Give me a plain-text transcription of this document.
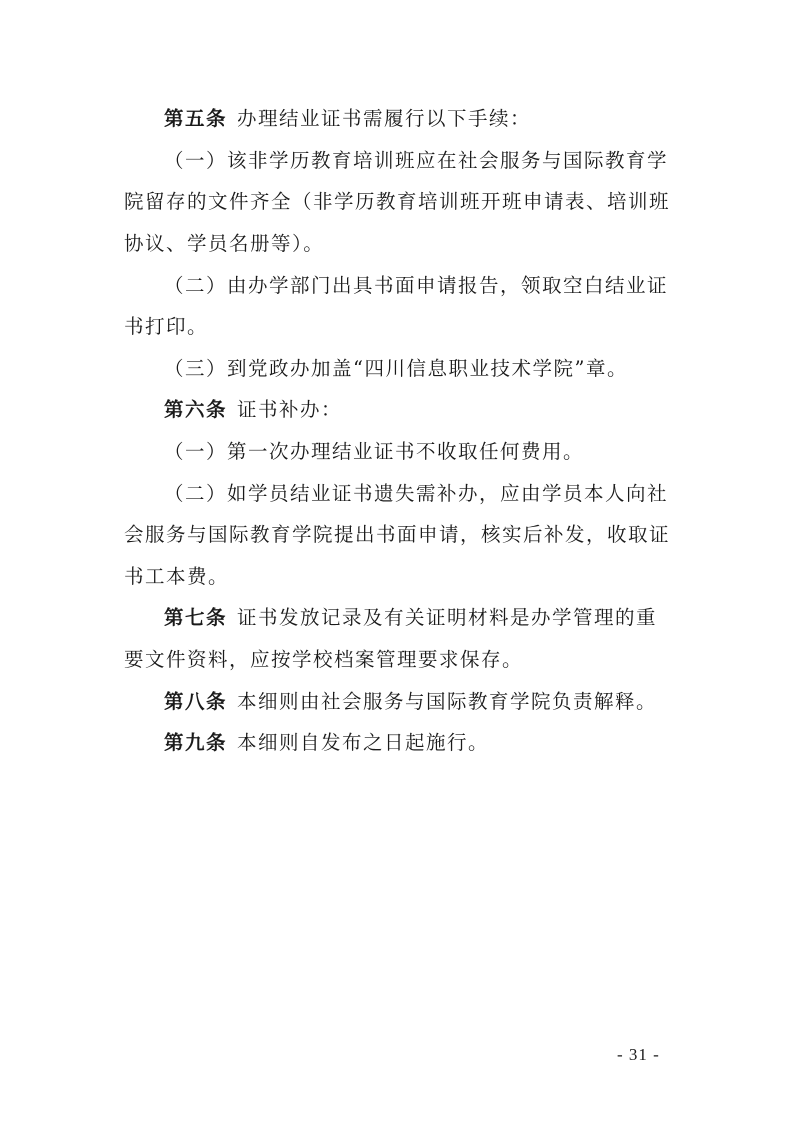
第五条 办理结业证书需履行以下手续：
（一）该非学历教育培训班应在社会服务与国际教育学
院留存的文件齐全（非学历教育培训班开班申请表、培训班
协议、学员名册等）。
（二）由办学部门出具书面申请报告，领取空白结业证
书打印。
（三）到党政办加盖“四川信息职业技术学院”章。
第六条 证书补办：
（一）第一次办理结业证书不收取任何费用。
（二）如学员结业证书遗失需补办，应由学员本人向社
会服务与国际教育学院提出书面申请，核实后补发，收取证
书工本费。
第七条 证书发放记录及有关证明材料是办学管理的重
要文件资料，应按学校档案管理要求保存。
第八条 本细则由社会服务与国际教育学院负责解释。
第九条 本细则自发布之日起施行。
- 31 -
